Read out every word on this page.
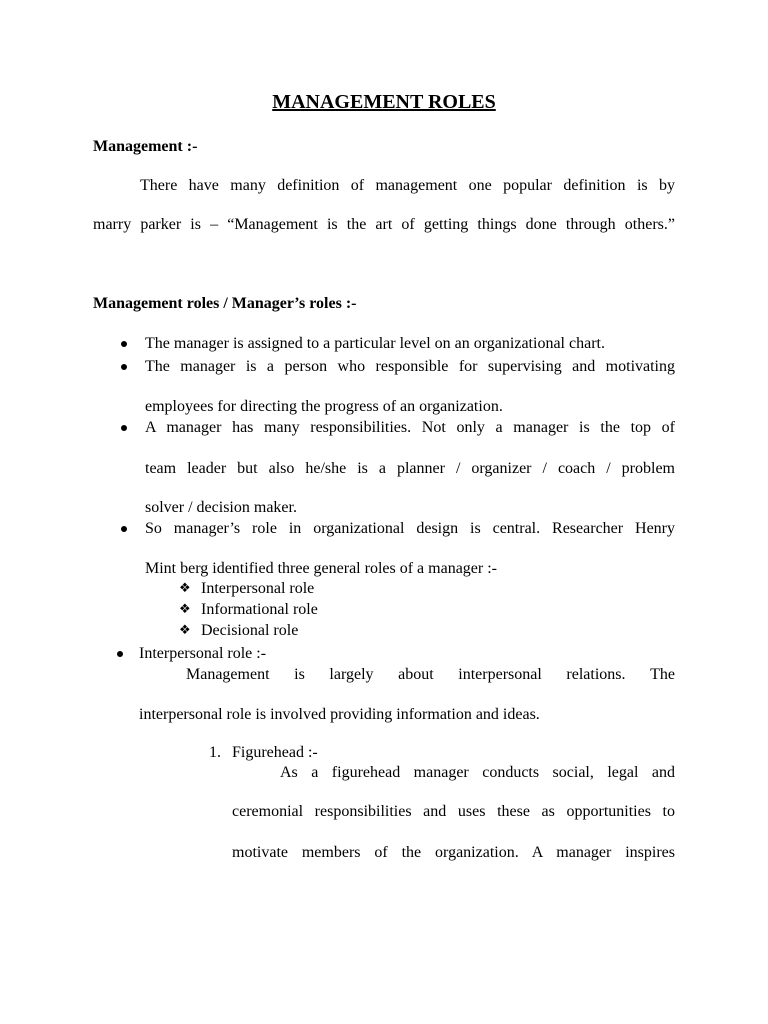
MANAGEMENT ROLES
Management :-
There have many definition of management one popular definition is by
marry parker is – “Management is the art of getting things done through others.”
Management roles / Manager’s roles :-
The manager is assigned to a particular level on an organizational chart.
The manager is a person who responsible for supervising and motivating
employees for directing the progress of an organization.
A manager has many responsibilities. Not only a manager is the top of
team leader but also he/she is a planner / organizer / coach / problem
solver / decision maker.
So manager’s role in organizational design is central. Researcher Henry
Mint berg identified three general roles of a manager :-
❖ Interpersonal role
❖ Informational role
❖ Decisional role
Interpersonal role :-
Management is largely about interpersonal relations. The
interpersonal role is involved providing information and ideas.
1. Figurehead :-
As a figurehead manager conducts social, legal and
ceremonial responsibilities and uses these as opportunities to
motivate members of the organization. A manager inspires
